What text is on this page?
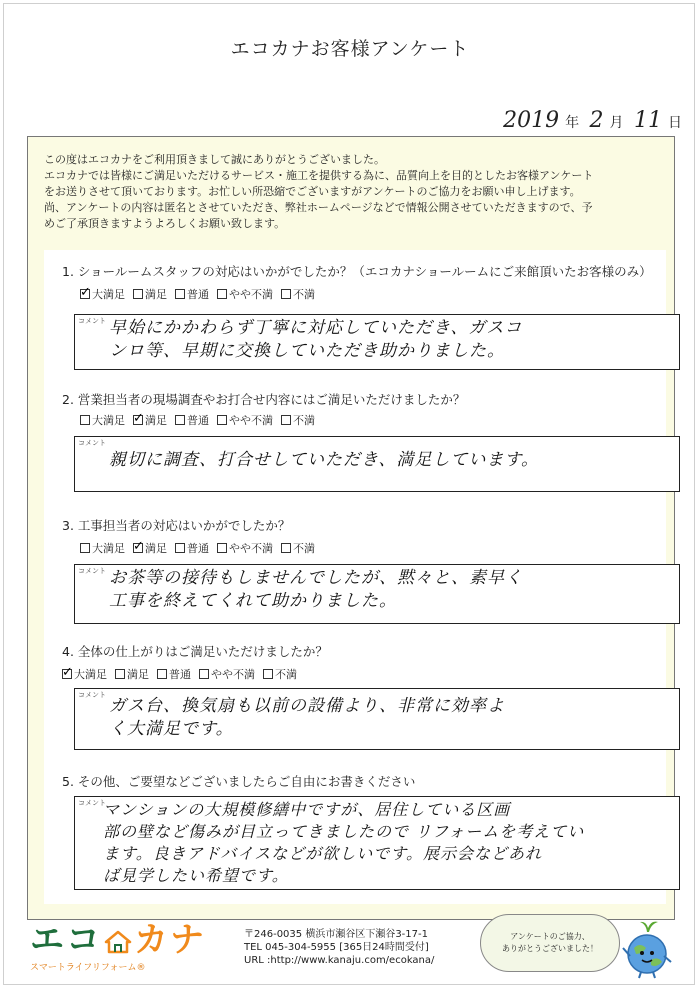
エコカナお客様アンケート
2019 年 2 月 11 日

この度はエコカナをご利用頂きまして誠にありがとうございました。

エコカナでは皆様にご満足いただけるサービス・施工を提供する為に、品質向上を目的としたお客様アンケート

をお送りさせて頂いております。お忙しい所恐縮でございますがアンケートのご協力をお願い申し上げます。

尚、アンケートの内容は匿名とさせていただき、弊社ホームページなどで情報公開させていただきますので、予

めご了承頂きますようよろしくお願い致します。

1. ショールームスタッフの対応はいかがでしたか？（エコカナショールームにご来館頂いたお客様のみ）
✓
大満足 満足 普通 やや不満 不満
コメント 早始にかかわらず丁寧に対応していただき、ガスコ
ンロ等、早期に交換していただき助かりました。
2. 営業担当者の現場調査やお打合せ内容にはご満足いただけましたか？
大満足 ✓ 満足 普通 やや不満 不満
コメント
親切に調査、打合せしていただき、満足しています。
3. 工事担当者の対応はいかがでしたか？
大満足 ✓ 満足 普通 やや不満 不満
コメント お茶等の接待もしませんでしたが、黙々と、素早く
工事を終えてくれて助かりました。
4. 全体の仕上がりはご満足いただけましたか？
✓
大満足 満足 普通 やや不満 不満
コメント
ガス台、換気扇も以前の設備より、非常に効率よ
く大満足です。
5. その他、ご要望などございましたらご自由にお書きください
コメント
マンションの大規模修繕中ですが、居住している区画
部の壁など傷みが目立ってきましたので リフォームを考えてい
ます。良きアドバイスなどが欲しいです。展示会などあれ
ば見学したい希望です。
エコ カナ
スマートライフリフォーム®

〒246-0035 横浜市瀬谷区下瀬谷3-17-1

TEL 045-304-5955 [365日24時間受付]

URL :http://www.kanaju.com/ecokana/

アンケートのご協力、
ありがとうございました！
